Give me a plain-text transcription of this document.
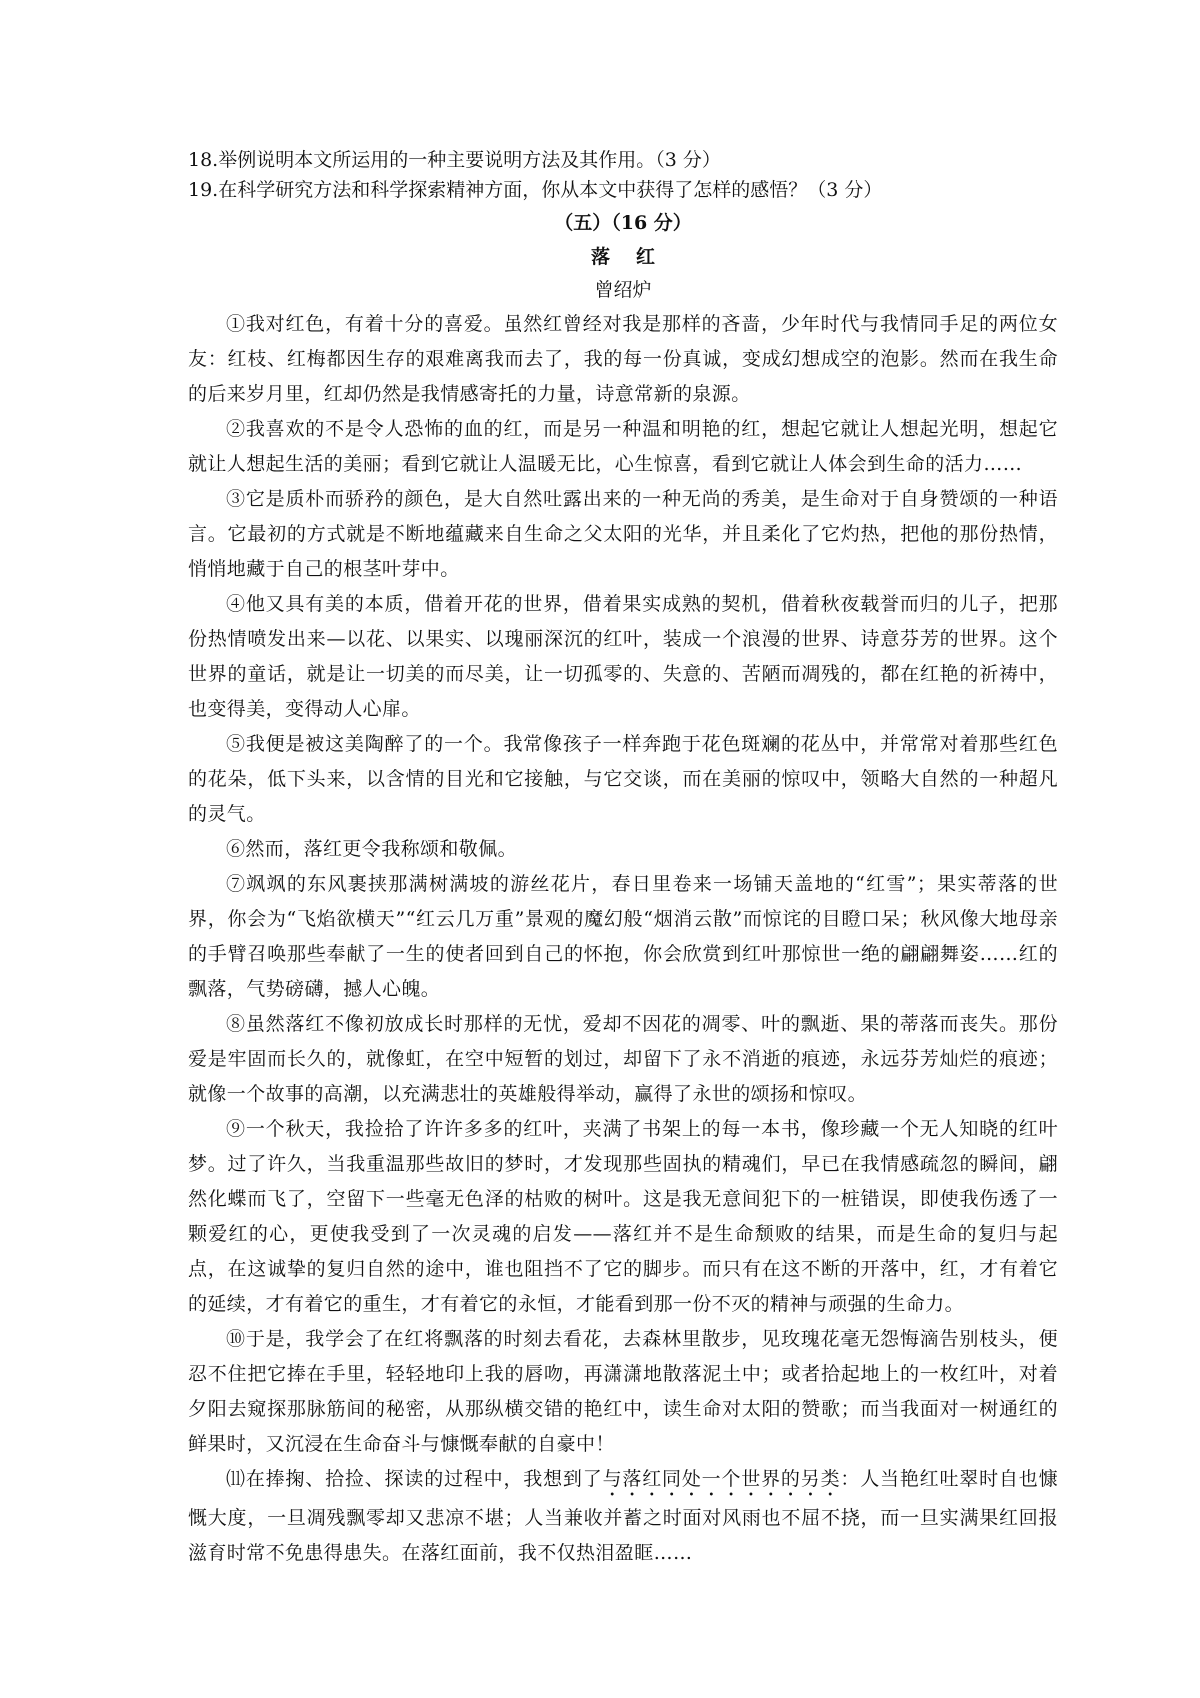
18.举例说明本文所运用的一种主要说明方法及其作用。（3 分）

19.在科学研究方法和科学探索精神方面，你从本文中获得了怎样的感悟？（3 分）

（五）（16 分）

落红

曾绍炉

①我对红色，有着十分的喜爱。虽然红曾经对我是那样的吝啬，少年时代与我情同手足的两位女友：红枝、红梅都因生存的艰难离我而去了，我的每一份真诚，变成幻想成空的泡影。然而在我生命的后来岁月里，红却仍然是我情感寄托的力量，诗意常新的泉源。

②我喜欢的不是令人恐怖的血的红，而是另一种温和明艳的红，想起它就让人想起光明，想起它就让人想起生活的美丽；看到它就让人温暖无比，心生惊喜，看到它就让人体会到生命的活力……

③它是质朴而骄矜的颜色，是大自然吐露出来的一种无尚的秀美，是生命对于自身赞颂的一种语言。它最初的方式就是不断地蕴藏来自生命之父太阳的光华，并且柔化了它灼热，把他的那份热情，悄悄地藏于自己的根茎叶芽中。

④他又具有美的本质，借着开花的世界，借着果实成熟的契机，借着秋夜载誉而归的儿子，把那份热情喷发出来—以花、以果实、以瑰丽深沉的红叶，装成一个浪漫的世界、诗意芬芳的世界。这个世界的童话，就是让一切美的而尽美，让一切孤零的、失意的、苦陋而凋残的，都在红艳的祈祷中，也变得美，变得动人心扉。

⑤我便是被这美陶醉了的一个。我常像孩子一样奔跑于花色斑斓的花丛中，并常常对着那些红色的花朵，低下头来，以含情的目光和它接触，与它交谈，而在美丽的惊叹中，领略大自然的一种超凡的灵气。

⑥然而，落红更令我称颂和敬佩。

⑦飒飒的东风裹挟那满树满坡的游丝花片，春日里卷来一场铺天盖地的“红雪”；果实蒂落的世界，你会为“飞焰欲横天”“红云几万重”景观的魔幻般“烟消云散”而惊诧的目瞪口呆；秋风像大地母亲的手臂召唤那些奉献了一生的使者回到自己的怀抱，你会欣赏到红叶那惊世一绝的翩翩舞姿……红的飘落，气势磅礴，撼人心魄。

⑧虽然落红不像初放成长时那样的无忧，爱却不因花的凋零、叶的飘逝、果的蒂落而丧失。那份爱是牢固而长久的，就像虹，在空中短暂的划过，却留下了永不消逝的痕迹，永远芬芳灿烂的痕迹；就像一个故事的高潮，以充满悲壮的英雄般得举动，赢得了永世的颂扬和惊叹。

⑨一个秋天，我捡拾了许许多多的红叶，夹满了书架上的每一本书，像珍藏一个无人知晓的红叶梦。过了许久，当我重温那些故旧的梦时，才发现那些固执的精魂们，早已在我情感疏忽的瞬间，翩然化蝶而飞了，空留下一些毫无色泽的枯败的树叶。这是我无意间犯下的一桩错误，即使我伤透了一颗爱红的心，更使我受到了一次灵魂的启发——落红并不是生命颓败的结果，而是生命的复归与起点，在这诚挚的复归自然的途中，谁也阻挡不了它的脚步。而只有在这不断的开落中，红，才有着它的延续，才有着它的重生，才有着它的永恒，才能看到那一份不灭的精神与顽强的生命力。

⑩于是，我学会了在红将飘落的时刻去看花，去森林里散步，见玫瑰花毫无怨悔滴告别枝头，便忍不住把它捧在手里，轻轻地印上我的唇吻，再潇潇地散落泥土中；或者拾起地上的一枚红叶，对着夕阳去窥探那脉筋间的秘密，从那纵横交错的艳红中，读生命对太阳的赞歌；而当我面对一树通红的鲜果时，又沉浸在生命奋斗与慷慨奉献的自豪中！

⑾在捧掬、拾捡、探读的过程中，我想到了与落红同处一个世界的另类：人当艳红吐翠时自也慷慨大度，一旦凋残飘零却又悲凉不堪；人当兼收并蓄之时面对风雨也不屈不挠，而一旦实满果红回报滋育时常不免患得患失。在落红面前，我不仅热泪盈眶……
